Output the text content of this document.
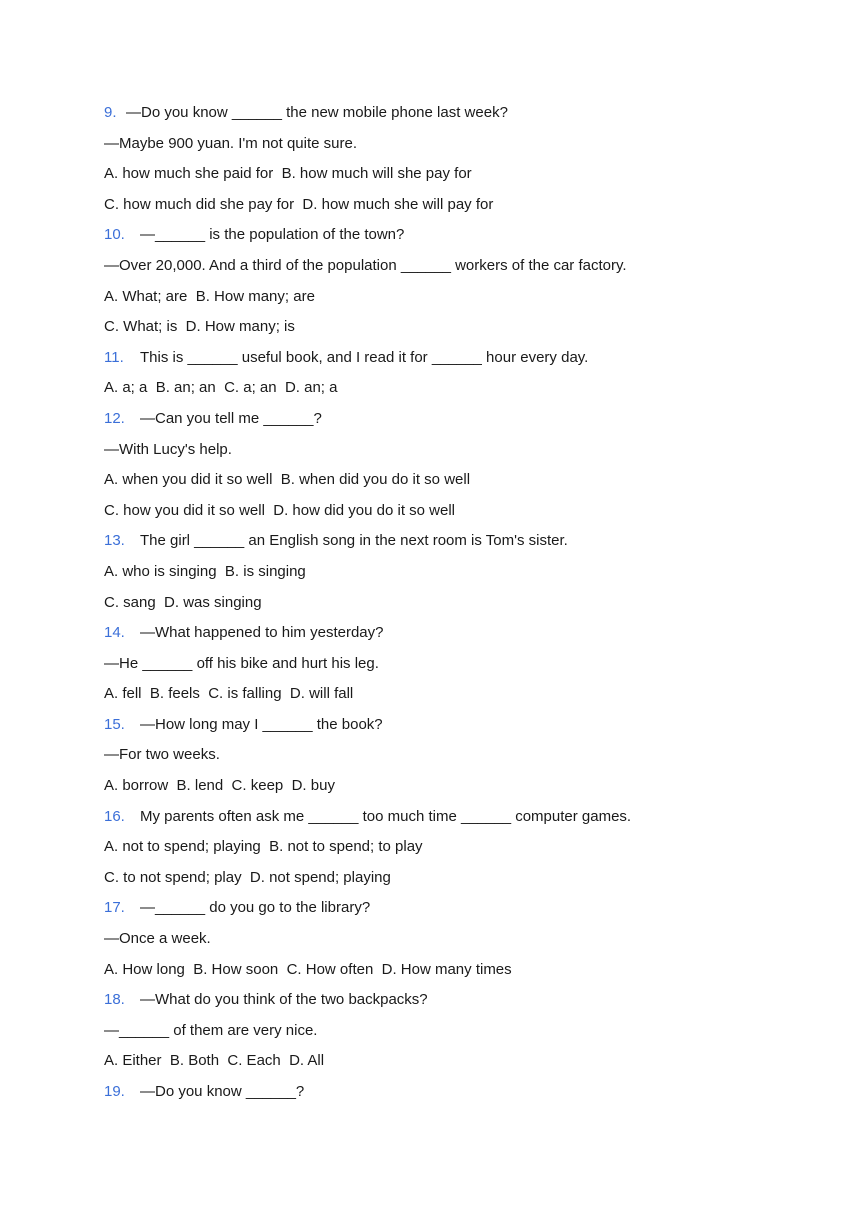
9. —Do you know ______ the new mobile phone last week?
—Maybe 900 yuan. I'm not quite sure.
A. how much she paid for  B. how much will she pay for
C. how much did she pay for  D. how much she will pay for
10. —______ is the population of the town?
—Over 20,000. And a third of the population ______ workers of the car factory.
A. What; are  B. How many; are
C. What; is  D. How many; is
11. This is ______ useful book, and I read it for ______ hour every day.
A. a; a  B. an; an  C. a; an  D. an; a
12. —Can you tell me ______?
—With Lucy's help.
A. when you did it so well  B. when did you do it so well
C. how you did it so well  D. how did you do it so well
13. The girl ______ an English song in the next room is Tom's sister.
A. who is singing  B. is singing
C. sang  D. was singing
14. —What happened to him yesterday?
—He ______ off his bike and hurt his leg.
A. fell  B. feels  C. is falling  D. will fall
15. —How long may I ______ the book?
—For two weeks.
A. borrow  B. lend  C. keep  D. buy
16. My parents often ask me ______ too much time ______ computer games.
A. not to spend; playing  B. not to spend; to play
C. to not spend; play  D. not spend; playing
17. —______ do you go to the library?
—Once a week.
A. How long  B. How soon  C. How often  D. How many times
18. —What do you think of the two backpacks?
—______ of them are very nice.
A. Either  B. Both  C. Each  D. All
19. —Do you know ______?
